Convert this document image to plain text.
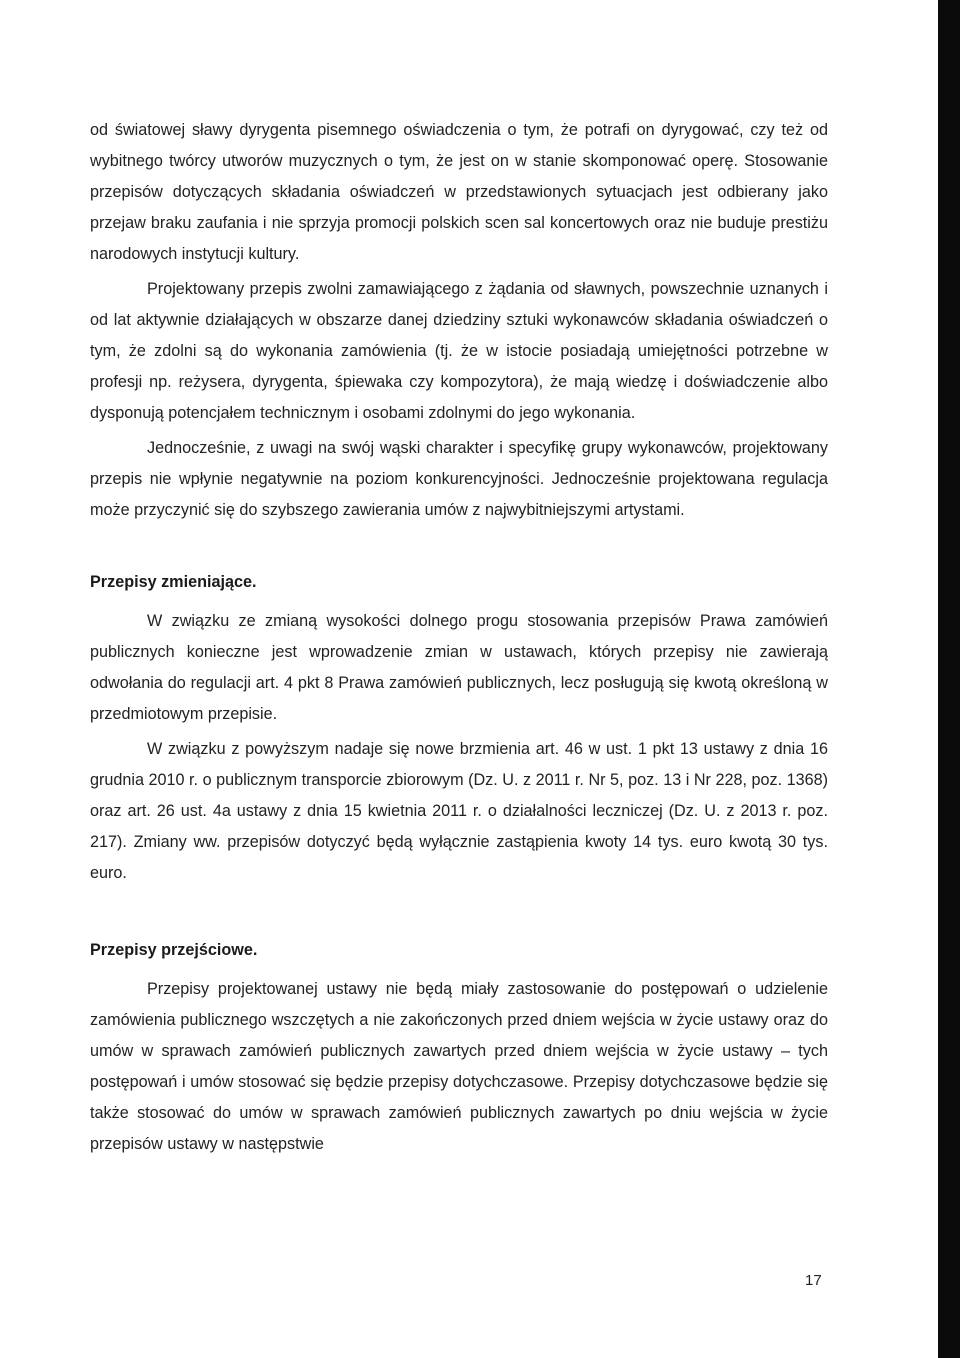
od światowej sławy dyrygenta pisemnego oświadczenia o tym, że potrafi on dyrygować, czy też od wybitnego twórcy utworów muzycznych o tym, że jest on w stanie skomponować operę. Stosowanie przepisów dotyczących składania oświadczeń w przedstawionych sytuacjach jest odbierany jako przejaw braku zaufania i nie sprzyja promocji polskich scen sal koncertowych oraz nie buduje prestiżu narodowych instytucji kultury.

Projektowany przepis zwolni zamawiającego z żądania od sławnych, powszechnie uznanych i od lat aktywnie działających w obszarze danej dziedziny sztuki wykonawców składania oświadczeń o tym, że zdolni są do wykonania zamówienia (tj. że w istocie posiadają umiejętności potrzebne w profesji np. reżysera, dyrygenta, śpiewaka czy kompozytora), że mają wiedzę i doświadczenie albo dysponują potencjałem technicznym i osobami zdolnymi do jego wykonania.

Jednocześnie, z uwagi na swój wąski charakter i specyfikę grupy wykonawców, projektowany przepis nie wpłynie negatywnie na poziom konkurencyjności. Jednocześnie projektowana regulacja może przyczynić się do szybszego zawierania umów z najwybitniejszymi artystami.

Przepisy zmieniające.

W związku ze zmianą wysokości dolnego progu stosowania przepisów Prawa zamówień publicznych konieczne jest wprowadzenie zmian w ustawach, których przepisy nie zawierają odwołania do regulacji art. 4 pkt 8 Prawa zamówień publicznych, lecz posługują się kwotą określoną w przedmiotowym przepisie.

W związku z powyższym nadaje się nowe brzmienia art. 46 w ust. 1 pkt 13 ustawy z dnia 16 grudnia 2010 r. o publicznym transporcie zbiorowym (Dz. U. z 2011 r. Nr 5, poz. 13 i Nr 228, poz. 1368) oraz art. 26 ust. 4a ustawy z dnia 15 kwietnia 2011 r. o działalności leczniczej (Dz. U. z 2013 r. poz. 217). Zmiany ww. przepisów dotyczyć będą wyłącznie zastąpienia kwoty 14 tys. euro kwotą 30 tys. euro.

Przepisy przejściowe.

Przepisy projektowanej ustawy nie będą miały zastosowanie do postępowań o udzielenie zamówienia publicznego wszczętych a nie zakończonych przed dniem wejścia w życie ustawy oraz do umów w sprawach zamówień publicznych zawartych przed dniem wejścia w życie ustawy – tych postępowań i umów stosować się będzie przepisy dotychczasowe. Przepisy dotychczasowe będzie się także stosować do umów w sprawach zamówień publicznych zawartych po dniu wejścia w życie przepisów ustawy w następstwie

17
